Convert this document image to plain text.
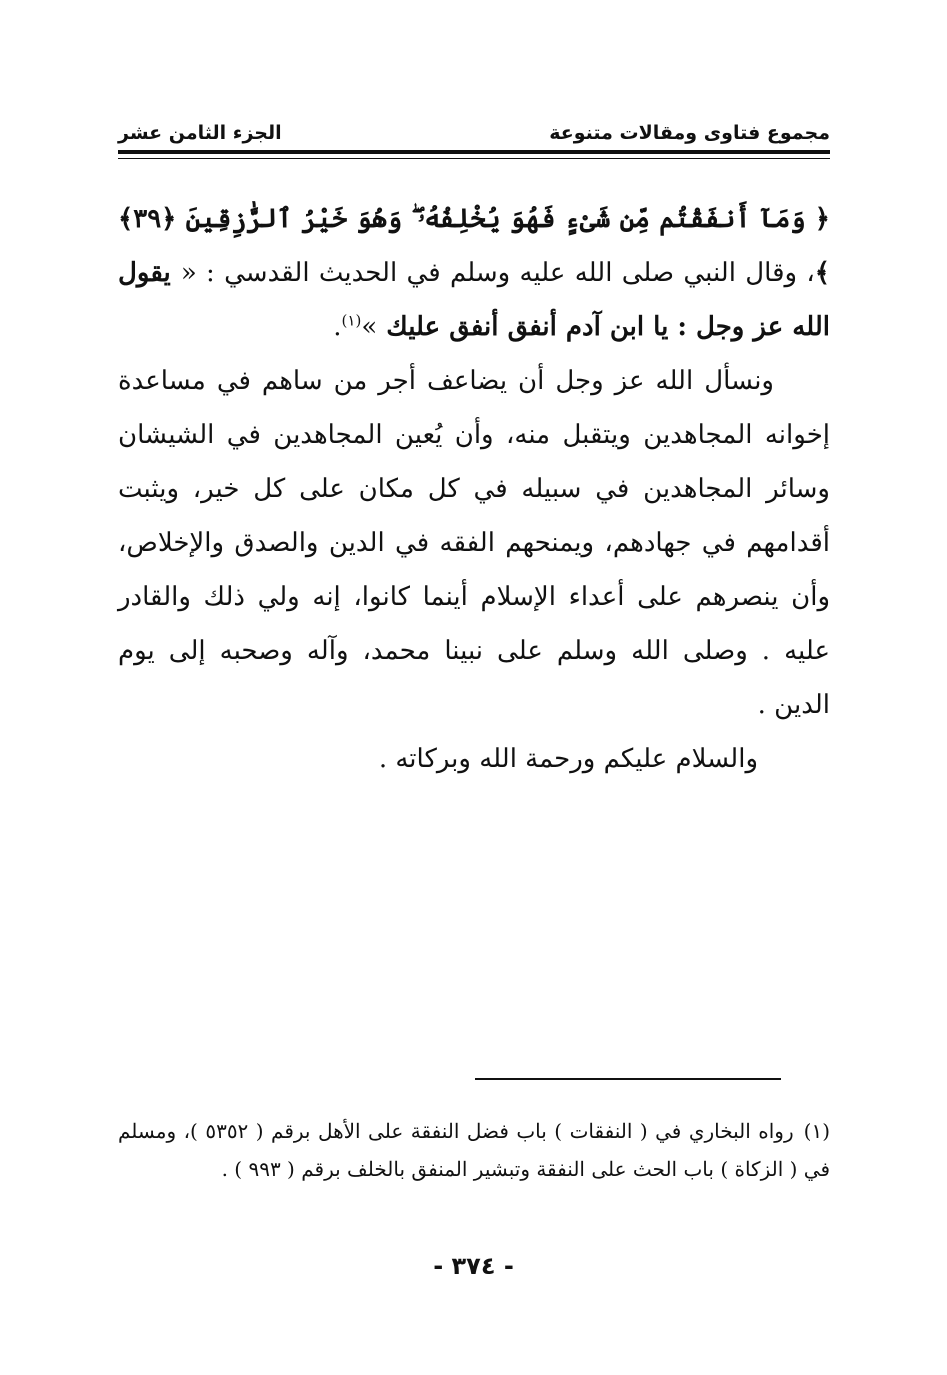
مجموع فتاوى ومقالات متنوعة
الجزء الثامن عشر

﴿ وَمَآ أَنفَقْتُم مِّن شَىْءٍ فَهُوَ يُخْلِفُهُۥ ۖ وَهُوَ خَيْرُ ٱلرَّٰزِقِينَ ﴿٣٩﴾ ﴾، وقال النبي صلى الله عليه وسلم في الحديث القدسي : « يقول الله عز وجل : يا ابن آدم أنفق أنفق عليك »$^{(١)}$.

ونسأل الله عز وجل أن يضاعف أجر من ساهم في مساعدة إخوانه المجاهدين ويتقبل منه، وأن يُعين المجاهدين في الشيشان وسائر المجاهدين في سبيله في كل مكان على كل خير، ويثبت أقدامهم في جهادهم، ويمنحهم الفقه في الدين والصدق والإخلاص، وأن ينصرهم على أعداء الإسلام أينما كانوا، إنه ولي ذلك والقادر عليه . وصلى الله وسلم على نبينا محمد، وآله وصحبه إلى يوم الدين .

والسلام عليكم ورحمة الله وبركاته .

(١)رواه البخاري في ( النفقات ) باب فضل النفقة على الأهل برقم ( ٥٣٥٢ )، ومسلم في ( الزكاة ) باب الحث على النفقة وتبشير المنفق بالخلف برقم ( ٩٩٣ ) .
- ٣٧٤ -
